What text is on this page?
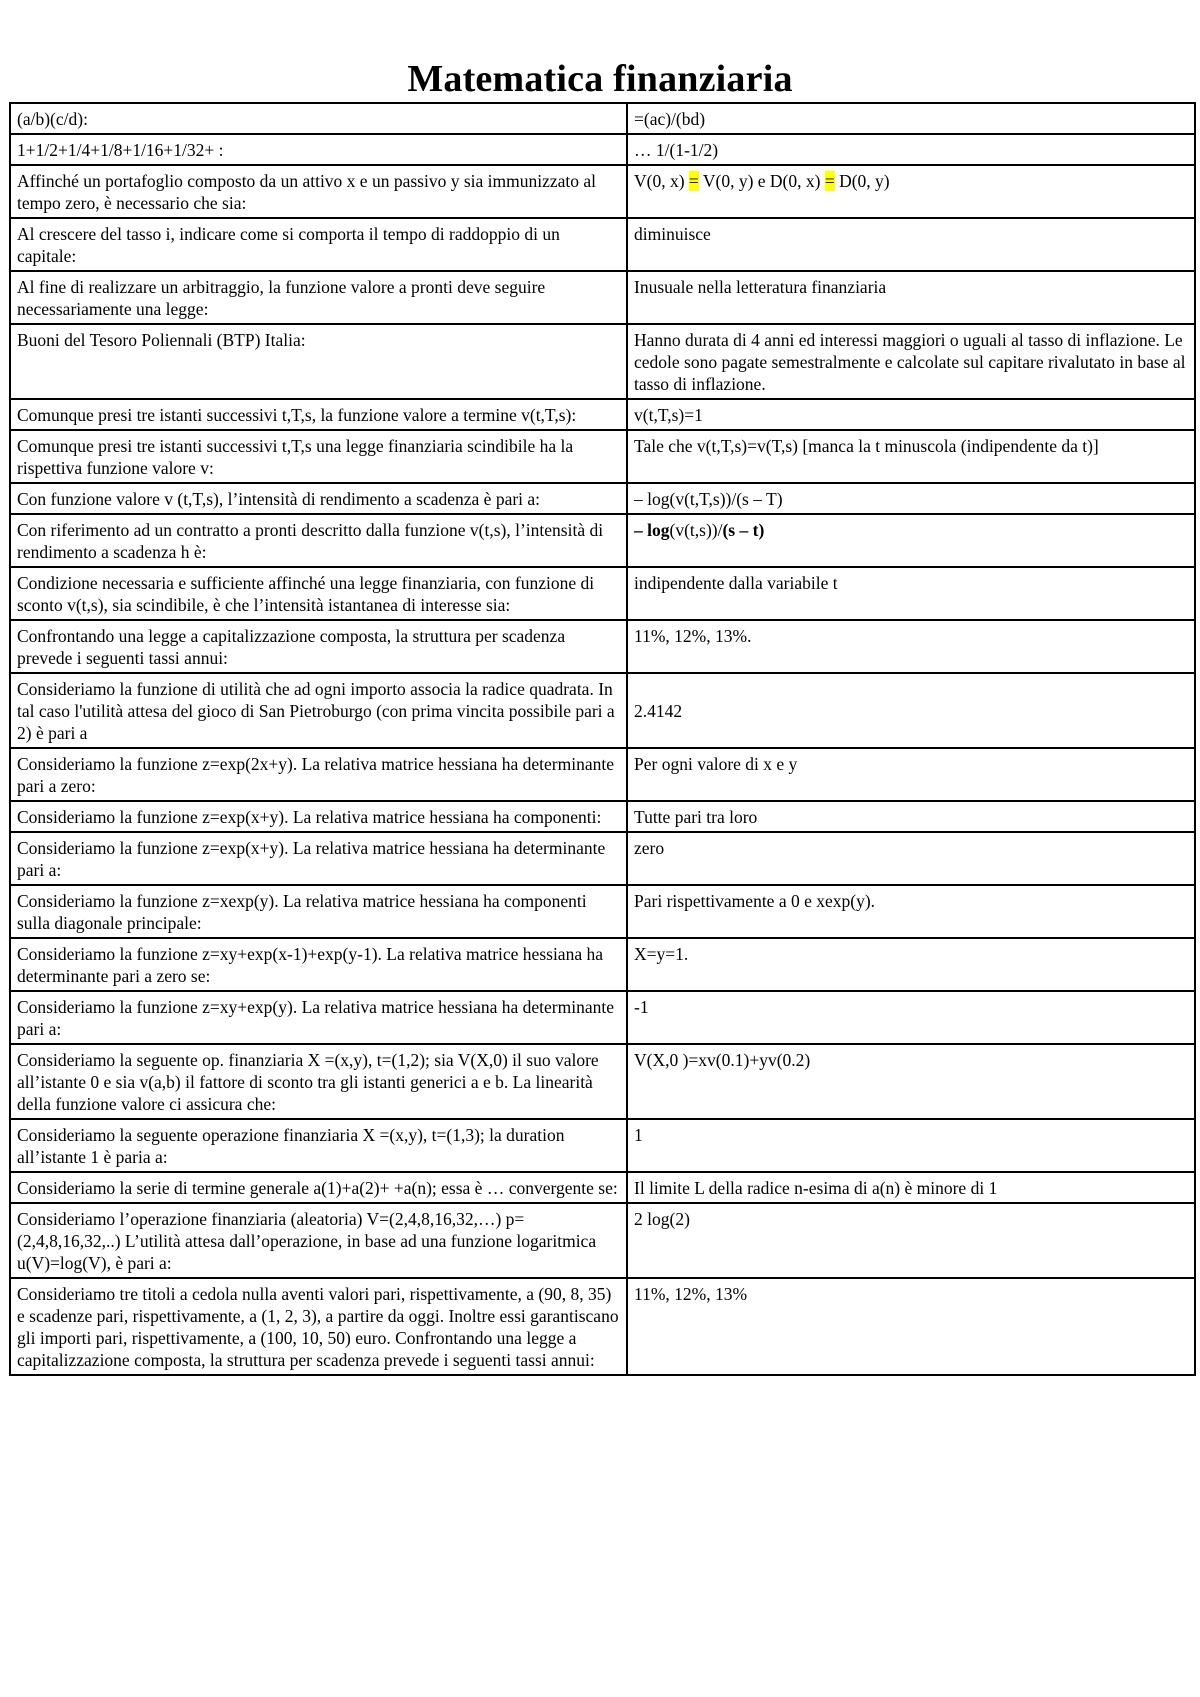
Matematica finanziaria
(a/b)(c/d):	=(ac)/(bd)
1+1/2+1/4+1/8+1/16+1/32+ :	… 1/(1-1/2)
Affinché un portafoglio composto da un attivo x e un passivo y sia immunizzato al tempo zero, è necessario che sia:	V(0, x) = V(0, y) e D(0, x) = D(0, y)
Al crescere del tasso i, indicare come si comporta il tempo di raddoppio di un capitale:	diminuisce
Al fine di realizzare un arbitraggio, la funzione valore a pronti deve seguire necessariamente una legge:	Inusuale nella letteratura finanziaria
Buoni del Tesoro Poliennali (BTP) Italia:	Hanno durata di 4 anni ed interessi maggiori o uguali al tasso di inflazione. Le cedole sono pagate semestralmente e calcolate sul capitare rivalutato in base al tasso di inflazione.
Comunque presi tre istanti successivi t,T,s, la funzione valore a termine v(t,T,s):	v(t,T,s)=1
Comunque presi tre istanti successivi t,T,s una legge finanziaria scindibile ha la rispettiva funzione valore v:	Tale che v(t,T,s)=v(T,s) [manca la t minuscola (indipendente da t)]
Con funzione valore v (t,T,s), l’intensità di rendimento a scadenza è pari a:	– log(v(t,T,s))/(s – T)
Con riferimento ad un contratto a pronti descritto dalla funzione v(t,s), l’intensità di rendimento a scadenza h è:	– log(v(t,s))/(s – t)
Condizione necessaria e sufficiente affinché una legge finanziaria, con funzione di sconto v(t,s), sia scindibile, è che l’intensità istantanea di interesse sia:	indipendente dalla variabile t
Confrontando una legge a capitalizzazione composta, la struttura per scadenza prevede i seguenti tassi annui:	11%, 12%, 13%.
Consideriamo la funzione di utilità che ad ogni importo associa la radice quadrata. In tal caso l'utilità attesa del gioco di San Pietroburgo (con prima vincita possibile pari a 2) è pari a	2.4142
Consideriamo la funzione z=exp(2x+y). La relativa matrice hessiana ha determinante pari a zero:	Per ogni valore di x e y
Consideriamo la funzione z=exp(x+y). La relativa matrice hessiana ha componenti:	Tutte pari tra loro
Consideriamo la funzione z=exp(x+y). La relativa matrice hessiana ha determinante pari a:	zero
Consideriamo la funzione z=xexp(y). La relativa matrice hessiana ha componenti sulla diagonale principale:	Pari rispettivamente a 0 e xexp(y).
Consideriamo la funzione z=xy+exp(x-1)+exp(y-1). La relativa matrice hessiana ha determinante pari a zero se:	X=y=1.
Consideriamo la funzione z=xy+exp(y). La relativa matrice hessiana ha determinante pari a:	-1
Consideriamo la seguente op. finanziaria X =(x,y), t=(1,2); sia V(X,0) il suo valore all’istante 0 e sia v(a,b) il fattore di sconto tra gli istanti generici a e b. La linearità della funzione valore ci assicura che:	V(X,0 )=xv(0.1)+yv(0.2)
Consideriamo la seguente operazione finanziaria X =(x,y), t=(1,3); la duration all’istante 1 è paria a:	1
Consideriamo la serie di termine generale a(1)+a(2)+ +a(n); essa è … convergente se:	Il limite L della radice n-esima di a(n) è minore di 1
Consideriamo l’operazione finanziaria (aleatoria) V=(2,4,8,16,32,…) p=(2,4,8,16,32,..) L’utilità attesa dall’operazione, in base ad una funzione logaritmica u(V)=log(V), è pari a:	2 log(2)
Consideriamo tre titoli a cedola nulla aventi valori pari, rispettivamente, a (90, 8, 35) e scadenze pari, rispettivamente, a (1, 2, 3), a partire da oggi. Inoltre essi garantiscano gli importi pari, rispettivamente, a (100, 10, 50) euro. Confrontando una legge a capitalizzazione composta, la struttura per scadenza prevede i seguenti tassi annui:	11%, 12%, 13%
